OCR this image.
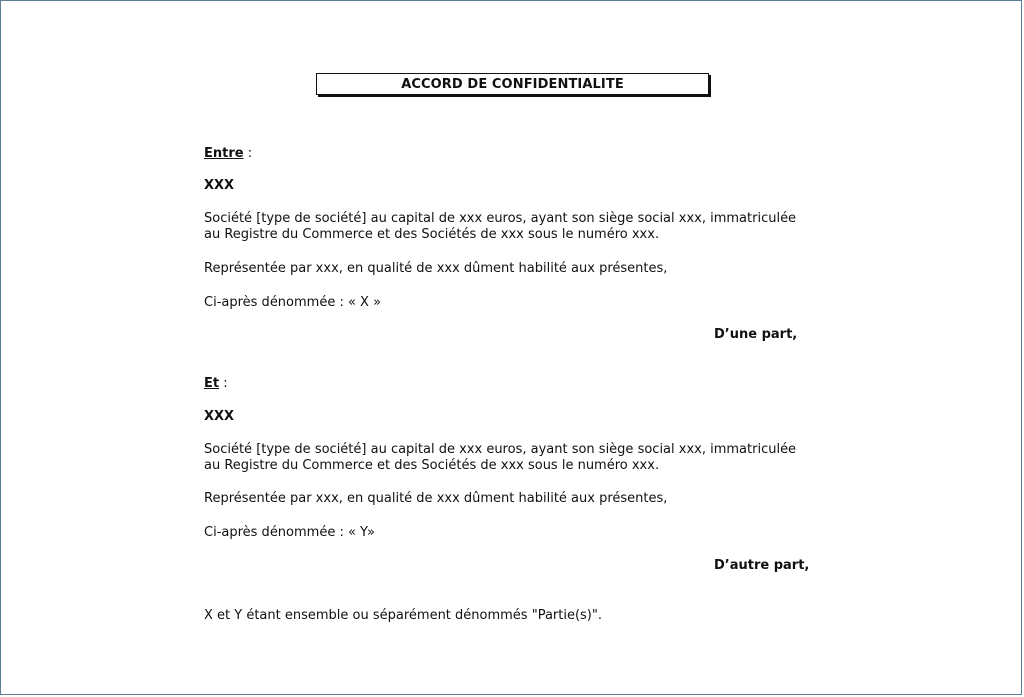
ACCORD DE CONFIDENTIALITE
Entre :
XXX
Société [type de société] au capital de xxx euros, ayant son siège social xxx, immatriculée
au Registre du Commerce et des Sociétés de xxx sous le numéro xxx.
Représentée par xxx, en qualité de xxx dûment habilité aux présentes,
Ci-après dénommée : « X »
D’une part,
Et :
XXX
Société [type de société] au capital de xxx euros, ayant son siège social xxx, immatriculée
au Registre du Commerce et des Sociétés de xxx sous le numéro xxx.
Représentée par xxx, en qualité de xxx dûment habilité aux présentes,
Ci-après dénommée : « Y»
D’autre part,
X et Y étant ensemble ou séparément dénommés "Partie(s)".
